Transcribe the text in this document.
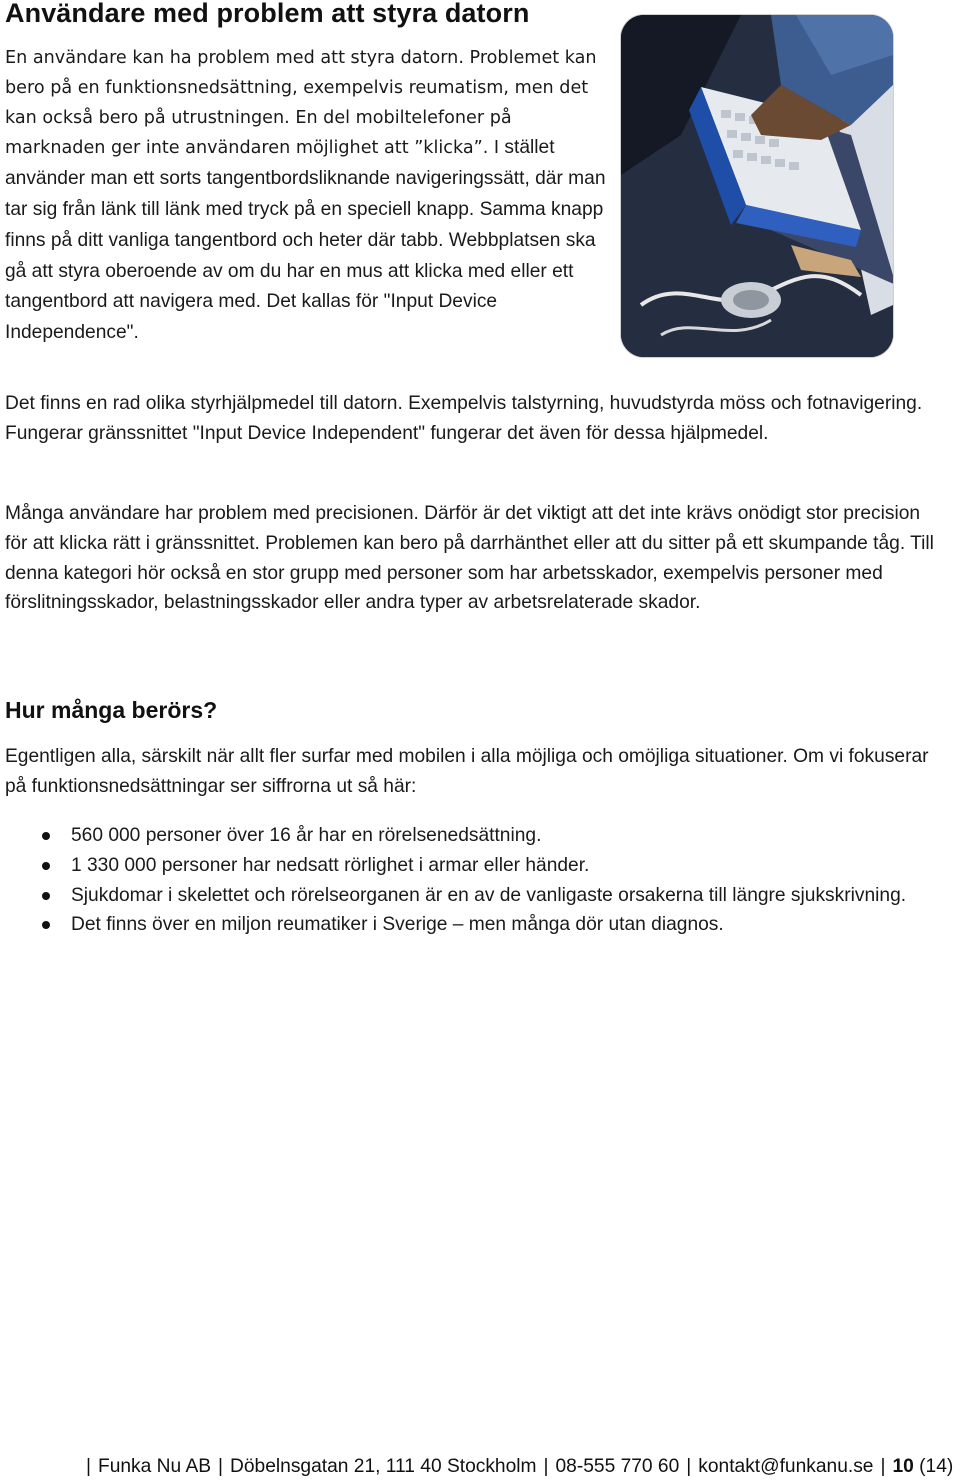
Användare med problem att styra datorn

En användare kan ha problem med att styra datorn. Problemet kan bero på en funktionsnedsättning, exempelvis reumatism, men det kan också bero på utrustningen. En del mobiltelefoner på marknaden ger inte användaren möjlighet att ”klicka”. I stället använder man ett sorts tangentbordsliknande navigeringssätt, där man tar sig från länk till länk med tryck på en speciell knapp. Samma knapp finns på ditt vanliga tangentbord och heter där tabb. Webbplatsen ska gå att styra oberoende av om du har en mus att klicka med eller ett tangentbord att navigera med. Det kallas för "Input Device Independence".

Det finns en rad olika styrhjälpmedel till datorn. Exempelvis talstyrning, huvudstyrda möss och fotnavigering. Fungerar gränssnittet "Input Device Independent" fungerar det även för dessa hjälpmedel.

Många användare har problem med precisionen. Därför är det viktigt att det inte krävs onödigt stor precision för att klicka rätt i gränssnittet. Problemen kan bero på darrhänthet eller att du sitter på ett skumpande tåg. Till denna kategori hör också en stor grupp med personer som har arbetsskador, exempelvis personer med förslitningsskador, belastningsskador eller andra typer av arbetsrelaterade skador.

Hur många berörs?

Egentligen alla, särskilt när allt fler surfar med mobilen i alla möjliga och omöjliga situationer. Om vi fokuserar på funktionsnedsättningar ser siffrorna ut så här:

560 000 personer över 16 år har en rörelsenedsättning.
1 330 000 personer har nedsatt rörlighet i armar eller händer.
Sjukdomar i skelettet och rörelseorganen är en av de vanligaste orsakerna till längre sjukskrivning.
Det finns över en miljon reumatiker i Sverige – men många dör utan diagnos.
| Funka Nu AB | Döbelnsgatan 21, 111 40 Stockholm | 08-555 770 60 | kontakt@funkanu.se | 10 (14)
